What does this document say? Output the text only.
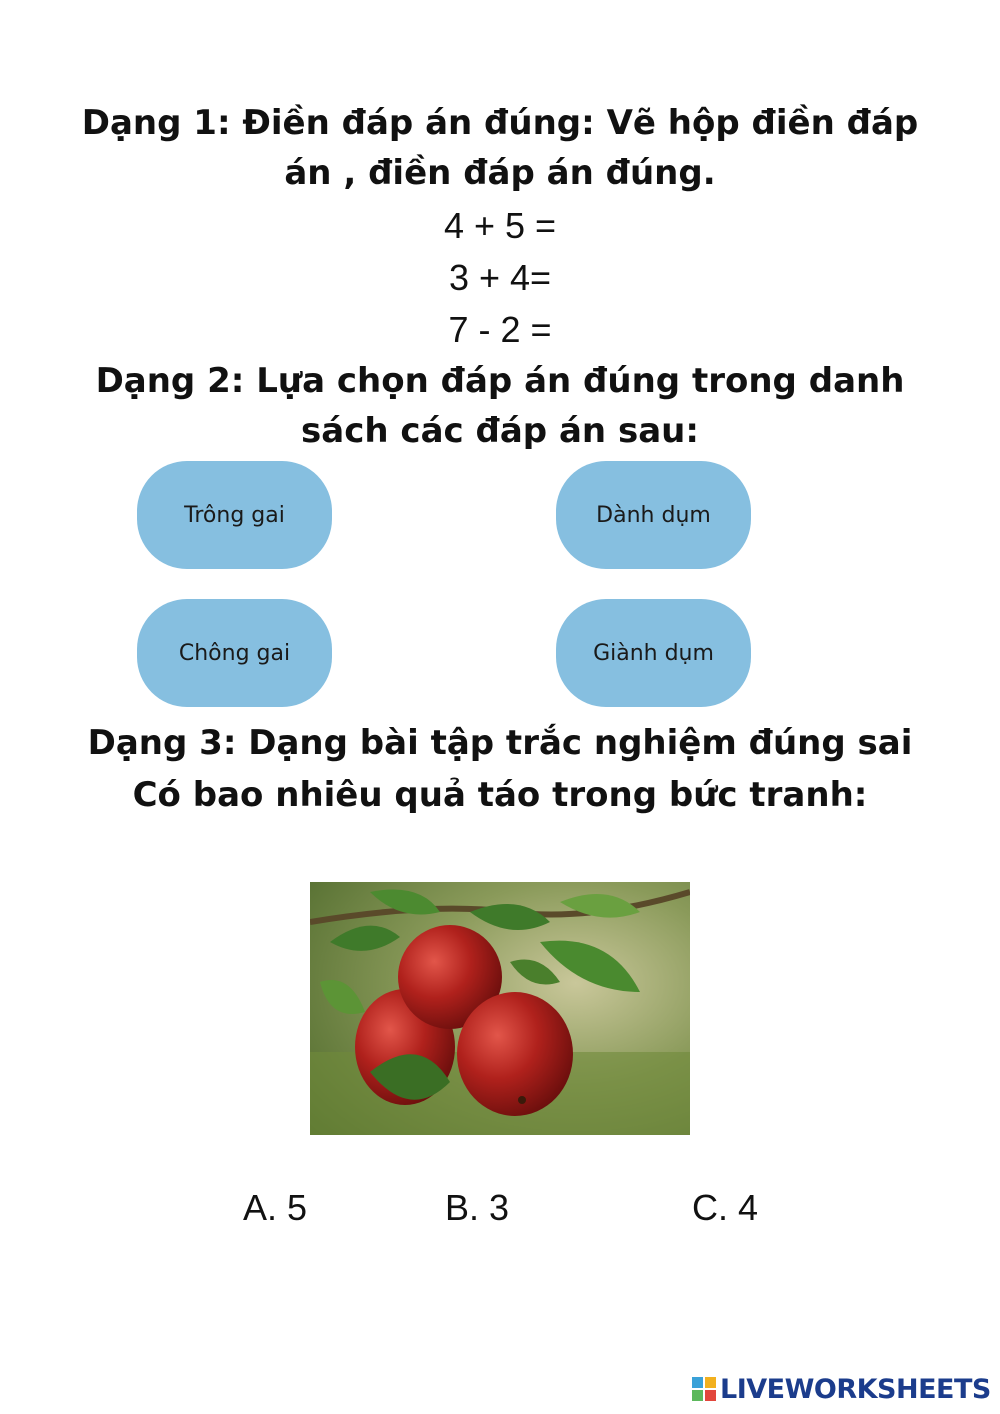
Dạng 1: Điền đáp án đúng: Vẽ hộp điền đáp án , điền đáp án đúng.
4 + 5 =
3 + 4=
7 - 2 =
Dạng 2: Lựa chọn đáp án đúng trong danh sách các đáp án sau:
Trông gai	Dành dụm
Chông gai	Giành dụm
Dạng 3: Dạng bài tập trắc nghiệm đúng sai
Có bao nhiêu quả táo trong bức tranh:
A. 5	B. 3	C. 4
LIVEWORKSHEETS
